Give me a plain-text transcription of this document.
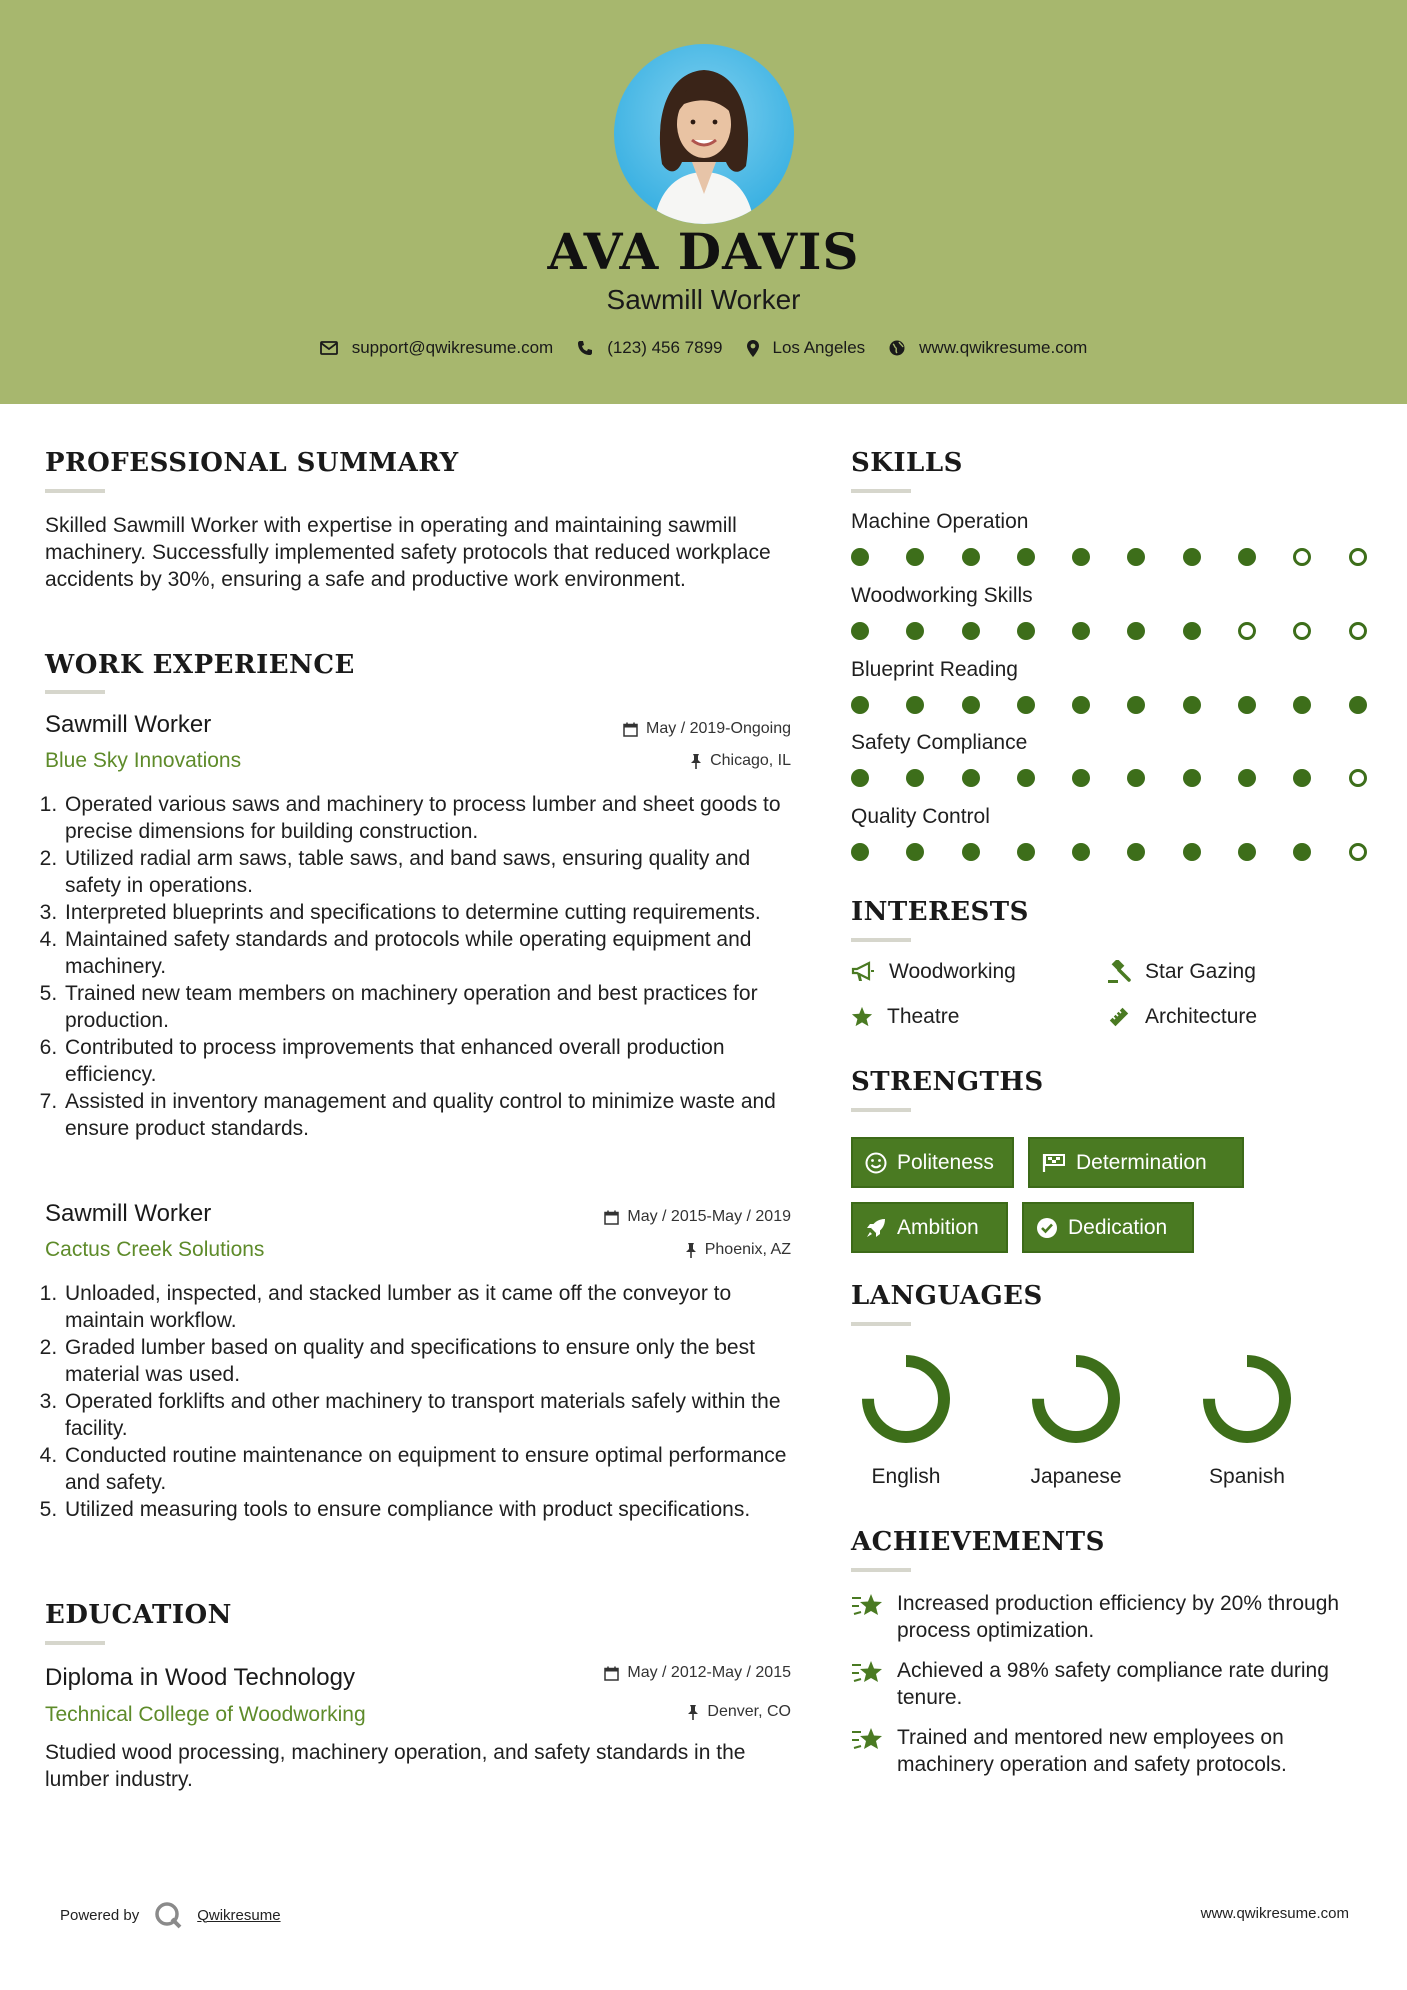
AVA DAVIS
Sawmill Worker
support@qwikresume.com	(123) 456 7899	Los Angeles	www.qwikresume.com
PROFESSIONAL SUMMARY
Skilled Sawmill Worker with expertise in operating and maintaining sawmill machinery. Successfully implemented safety protocols that reduced workplace accidents by 30%, ensuring a safe and productive work environment.
WORK EXPERIENCE
Sawmill Worker	May / 2019-Ongoing
Blue Sky Innovations	Chicago, IL
1. Operated various saws and machinery to process lumber and sheet goods to precise dimensions for building construction.
2. Utilized radial arm saws, table saws, and band saws, ensuring quality and safety in operations.
3. Interpreted blueprints and specifications to determine cutting requirements.
4. Maintained safety standards and protocols while operating equipment and machinery.
5. Trained new team members on machinery operation and best practices for production.
6. Contributed to process improvements that enhanced overall production efficiency.
7. Assisted in inventory management and quality control to minimize waste and ensure product standards.
Sawmill Worker	May / 2015-May / 2019
Cactus Creek Solutions	Phoenix, AZ
1. Unloaded, inspected, and stacked lumber as it came off the conveyor to maintain workflow.
2. Graded lumber based on quality and specifications to ensure only the best material was used.
3. Operated forklifts and other machinery to transport materials safely within the facility.
4. Conducted routine maintenance on equipment to ensure optimal performance and safety.
5. Utilized measuring tools to ensure compliance with product specifications.
EDUCATION
Diploma in Wood Technology	May / 2012-May / 2015
Technical College of Woodworking	Denver, CO
Studied wood processing, machinery operation, and safety standards in the lumber industry.
SKILLS
Machine Operation
Woodworking Skills
Blueprint Reading
Safety Compliance
Quality Control
INTERESTS
Woodworking	Star Gazing
Theatre	Architecture
STRENGTHS
Politeness	Determination
Ambition	Dedication
LANGUAGES
English	Japanese	Spanish
ACHIEVEMENTS
Increased production efficiency by 20% through process optimization.
Achieved a 98% safety compliance rate during tenure.
Trained and mentored new employees on machinery operation and safety protocols.
Powered by	Qwikresume	www.qwikresume.com
